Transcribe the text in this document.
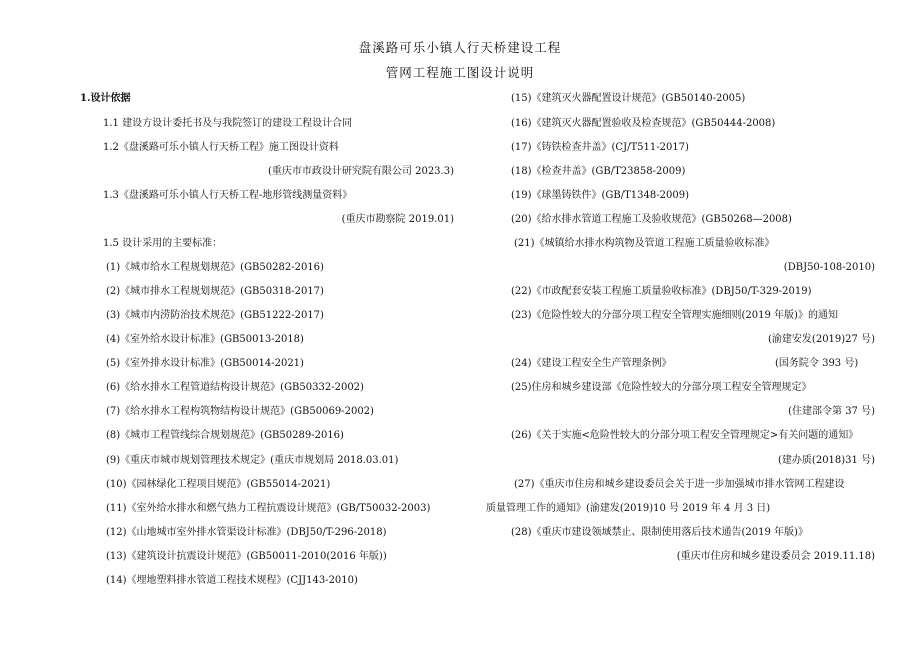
盘溪路可乐小镇人行天桥建设工程
管网工程施工图设计说明
1.设计依据
1.1 建设方设计委托书及与我院签订的建设工程设计合同
1.2《盘溪路可乐小镇人行天桥工程》施工图设计资料
(重庆市市政设计研究院有限公司 2023.3)
1.3《盘溪路可乐小镇人行天桥工程-地形管线测量资料》
(重庆市勘察院 2019.01)
1.5 设计采用的主要标准：
(1)《城市给水工程规划规范》(GB50282-2016)
(2)《城市排水工程规划规范》(GB50318-2017)
(3)《城市内涝防治技术规范》(GB51222-2017)
(4)《室外给水设计标准》(GB50013-2018)
(5)《室外排水设计标准》(GB50014-2021)
(6)《给水排水工程管道结构设计规范》(GB50332-2002)
(7)《给水排水工程构筑物结构设计规范》(GB50069-2002)
(8)《城市工程管线综合规划规范》(GB50289-2016)
(9)《重庆市城市规划管理技术规定》(重庆市规划局 2018.03.01)
(10)《园林绿化工程项目规范》(GB55014-2021)
(11)《室外给水排水和燃气热力工程抗震设计规范》(GB/T50032-2003)
(12)《山地城市室外排水管渠设计标准》(DBJ50/T-296-2018)
(13)《建筑设计抗震设计规范》(GB50011-2010(2016 年版))
(14)《埋地塑料排水管道工程技术规程》(CJJ143-2010)
(15)《建筑灭火器配置设计规范》(GB50140-2005)
(16)《建筑灭火器配置验收及检查规范》(GB50444-2008)
(17)《铸铁检查井盖》(CJ/T511-2017)
(18)《检查井盖》(GB/T23858-2009)
(19)《球墨铸铁件》(GB/T1348-2009)
(20)《给水排水管道工程施工及验收规范》(GB50268—2008)
(21)《城镇给水排水构筑物及管道工程施工质量验收标准》
(DBJ50-108-2010)
(22)《市政配套安装工程施工质量验收标准》(DBJ50/T-329-2019)
(23)《危险性较大的分部分项工程安全管理实施细则(2019 年版)》的通知
(渝建安发(2019)27 号)
(24)《建设工程安全生产管理条例》	(国务院令 393 号)
(25)住房和城乡建设部《危险性较大的分部分项工程安全管理规定》
(住建部令第 37 号)
(26)《关于实施<危险性较大的分部分项工程安全管理规定>有关问题的通知》
(建办质(2018)31 号)
(27)《重庆市住房和城乡建设委员会关于进一步加强城市排水管网工程建设
质量管理工作的通知》(渝建发(2019)10 号 2019 年 4 月 3 日)
(28)《重庆市建设领域禁止、限制使用落后技术通告(2019 年版)》
(重庆市住房和城乡建设委员会 2019.11.18)
